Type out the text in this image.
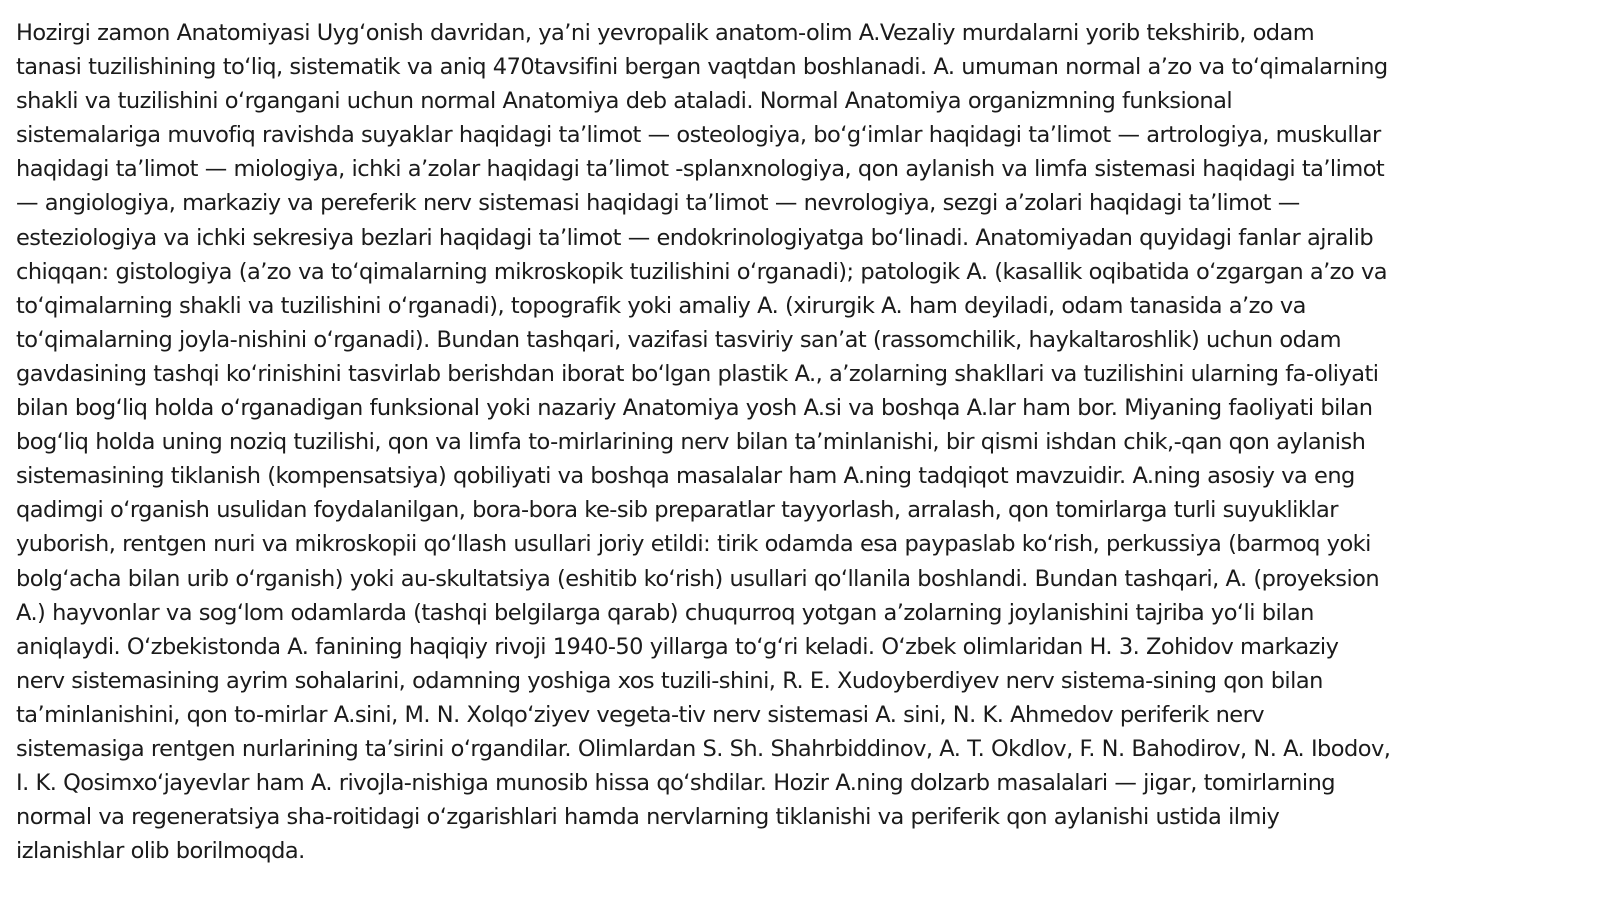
Hozirgi zamon Anatomiyasi Uyg‘onish davridan, ya’ni yevropalik anatom-olim A.Vezaliy murdalarni yorib tekshirib, odam
tanasi tuzilishining to‘liq, sistematik va aniq 470tavsifini bergan vaqtdan boshlanadi. A. umuman normal a’zo va to‘qimalarning
shakli va tuzilishini o‘rgangani uchun normal Anatomiya deb ataladi. Normal Anatomiya organizmning funksional
sistemalariga muvofiq ravishda suyaklar haqidagi ta’limot — osteologiya, bo‘g‘imlar haqidagi ta’limot — artrologiya, muskullar
haqidagi ta’limot — miologiya, ichki a’zolar haqidagi ta’limot -splanxnologiya, qon aylanish va limfa sistemasi haqidagi ta’limot
— angiologiya, markaziy va pereferik nerv sistemasi haqidagi ta’limot — nevrologiya, sezgi a’zolari haqidagi ta’limot —
esteziologiya va ichki sekresiya bezlari haqidagi ta’limot — endokrinologiyatga bo‘linadi. Anatomiyadan quyidagi fanlar ajralib
chiqqan: gistologiya (a’zo va to‘qimalarning mikroskopik tuzilishini o‘rganadi); patologik A. (kasallik oqibatida o‘zgargan a’zo va
to‘qimalarning shakli va tuzilishini o‘rganadi), topografik yoki amaliy A. (xirurgik A. ham deyiladi, odam tanasida a’zo va
to‘qimalarning joyla-nishini o‘rganadi). Bundan tashqari, vazifasi tasviriy san’at (rassomchilik, haykaltaroshlik) uchun odam
gavdasining tashqi ko‘rinishini tasvirlab berishdan iborat bo‘lgan plastik A., a’zolarning shakllari va tuzilishini ularning fa-oliyati
bilan bog‘liq holda o‘rganadigan funksional yoki nazariy Anatomiya yosh A.si va boshqa A.lar ham bor. Miyaning faoliyati bilan
bog‘liq holda uning noziq tuzilishi, qon va limfa to-mirlarining nerv bilan ta’minlanishi, bir qismi ishdan chik,-qan qon aylanish
sistemasining tiklanish (kompensatsiya) qobiliyati va boshqa masalalar ham A.ning tadqiqot mavzuidir. A.ning asosiy va eng
qadimgi o‘rganish usulidan foydalanilgan, bora-bora ke-sib preparatlar tayyorlash, arralash, qon tomirlarga turli suyukliklar
yuborish, rentgen nuri va mikroskopii qo‘llash usullari joriy etildi: tirik odamda esa paypaslab ko‘rish, perkussiya (barmoq yoki
bolg‘acha bilan urib o‘rganish) yoki au-skultatsiya (eshitib ko‘rish) usullari qo‘llanila boshlandi. Bundan tashqari, A. (proyeksion
A.) hayvonlar va sog‘lom odamlarda (tashqi belgilarga qarab) chuqurroq yotgan a’zolarning joylanishini tajriba yo‘li bilan
aniqlaydi. O‘zbekistonda A. fanining haqiqiy rivoji 1940-50 yillarga to‘g‘ri keladi. O‘zbek olimlaridan H. 3. Zohidov markaziy
nerv sistemasining ayrim sohalarini, odamning yoshiga xos tuzili-shini, R. E. Xudoyberdiyev nerv sistema-sining qon bilan
ta’minlanishini, qon to-mirlar A.sini, M. N. Xolqo‘ziyev vegeta-tiv nerv sistemasi A. sini, N. K. Ahmedov periferik nerv
sistemasiga rentgen nurlarining ta’sirini o‘rgandilar. Olimlardan S. Sh. Shahrbiddinov, A. T. Okdlov, F. N. Bahodirov, N. A. Ibodov,
I. K. Qosimxo‘jayevlar ham A. rivojla-nishiga munosib hissa qo‘shdilar. Hozir A.ning dolzarb masalalari — jigar, tomirlarning
normal va regeneratsiya sha-roitidagi o‘zgarishlari hamda nervlarning tiklanishi va periferik qon aylanishi ustida ilmiy
izlanishlar olib borilmoqda.
